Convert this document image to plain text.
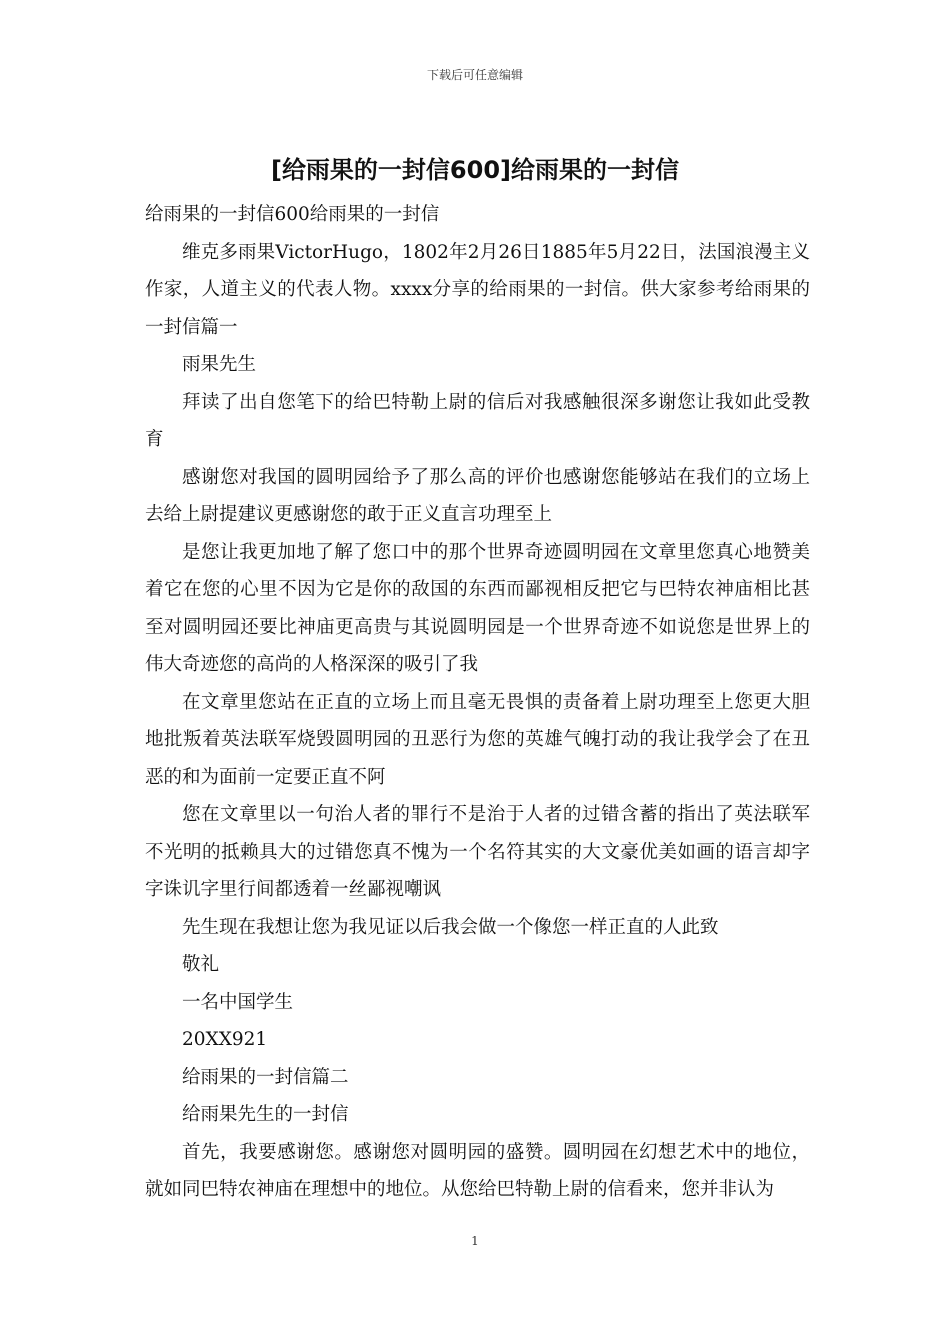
下载后可任意编辑
[给雨果的一封信600]给雨果的一封信

给雨果的一封信600给雨果的一封信

维克多雨果VictorHugo，1802年2月26日1885年5月22日，法国浪漫主义作家，人道主义的代表人物。xxxx分享的给雨果的一封信。供大家参考给雨果的一封信篇一

雨果先生

拜读了出自您笔下的给巴特勒上尉的信后对我感触很深多谢您让我如此受教育

感谢您对我国的圆明园给予了那么高的评价也感谢您能够站在我们的立场上去给上尉提建议更感谢您的敢于正义直言功理至上

是您让我更加地了解了您口中的那个世界奇迹圆明园在文章里您真心地赞美着它在您的心里不因为它是你的敌国的东西而鄙视相反把它与巴特农神庙相比甚至对圆明园还要比神庙更高贵与其说圆明园是一个世界奇迹不如说您是世界上的伟大奇迹您的高尚的人格深深的吸引了我

在文章里您站在正直的立场上而且毫无畏惧的责备着上尉功理至上您更大胆地批叛着英法联军烧毁圆明园的丑恶行为您的英雄气魄打动的我让我学会了在丑恶的和为面前一定要正直不阿

您在文章里以一句治人者的罪行不是治于人者的过错含蓄的指出了英法联军不光明的抵赖具大的过错您真不愧为一个名符其实的大文豪优美如画的语言却字字诛讥字里行间都透着一丝鄙视嘲讽

先生现在我想让您为我见证以后我会做一个像您一样正直的人此致

敬礼

一名中国学生

20XX921

给雨果的一封信篇二

给雨果先生的一封信

首先，我要感谢您。感谢您对圆明园的盛赞。圆明园在幻想艺术中的地位，就如同巴特农神庙在理想中的地位。从您给巴特勒上尉的信看来，您并非认为

1
